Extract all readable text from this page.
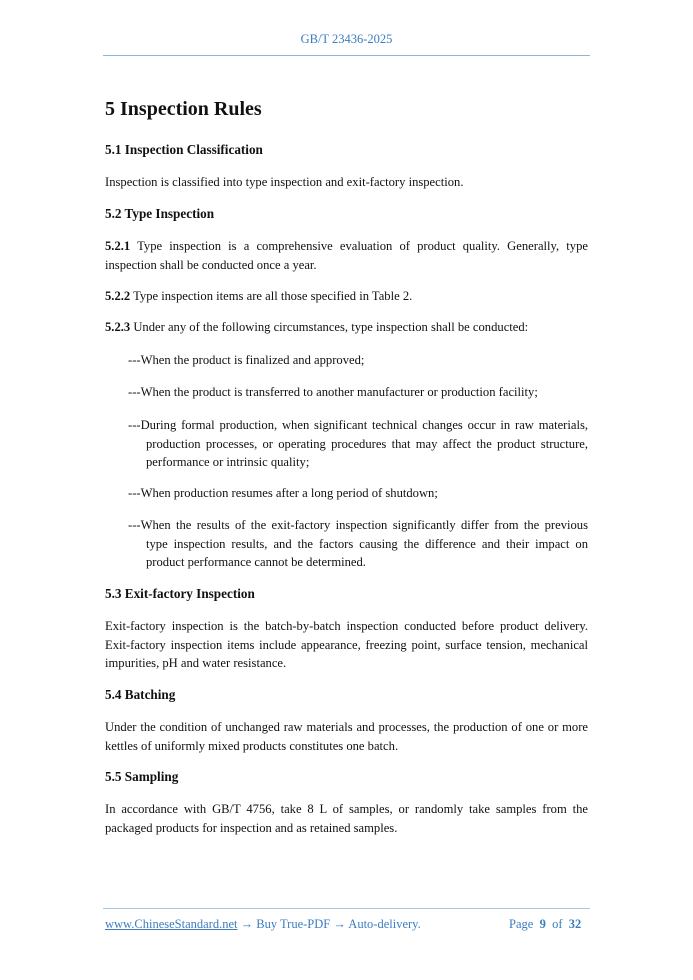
GB/T 23436-2025
5 Inspection Rules
5.1 Inspection Classification

Inspection is classified into type inspection and exit-factory inspection.

5.2 Type Inspection

5.2.1 Type inspection is a comprehensive evaluation of product quality. Generally, type inspection shall be conducted once a year.

5.2.2 Type inspection items are all those specified in Table 2.

5.2.3 Under any of the following circumstances, type inspection shall be conducted:

---When the product is finalized and approved;

---When the product is transferred to another manufacturer or production facility;

---During formal production, when significant technical changes occur in raw materials, production processes, or operating procedures that may affect the product structure, performance or intrinsic quality;

---When production resumes after a long period of shutdown;

---When the results of the exit-factory inspection significantly differ from the previous type inspection results, and the factors causing the difference and their impact on product performance cannot be determined.

5.3 Exit-factory Inspection

Exit-factory inspection is the batch-by-batch inspection conducted before product delivery. Exit-factory inspection items include appearance, freezing point, surface tension, mechanical impurities, pH and water resistance.

5.4 Batching

Under the condition of unchanged raw materials and processes, the production of one or more kettles of uniformly mixed products constitutes one batch.

5.5 Sampling

In accordance with GB/T 4756, take 8 L of samples, or randomly take samples from the packaged products for inspection and as retained samples.

www.ChineseStandard.net → Buy True-PDF → Auto-delivery.	Page 9 of 32
